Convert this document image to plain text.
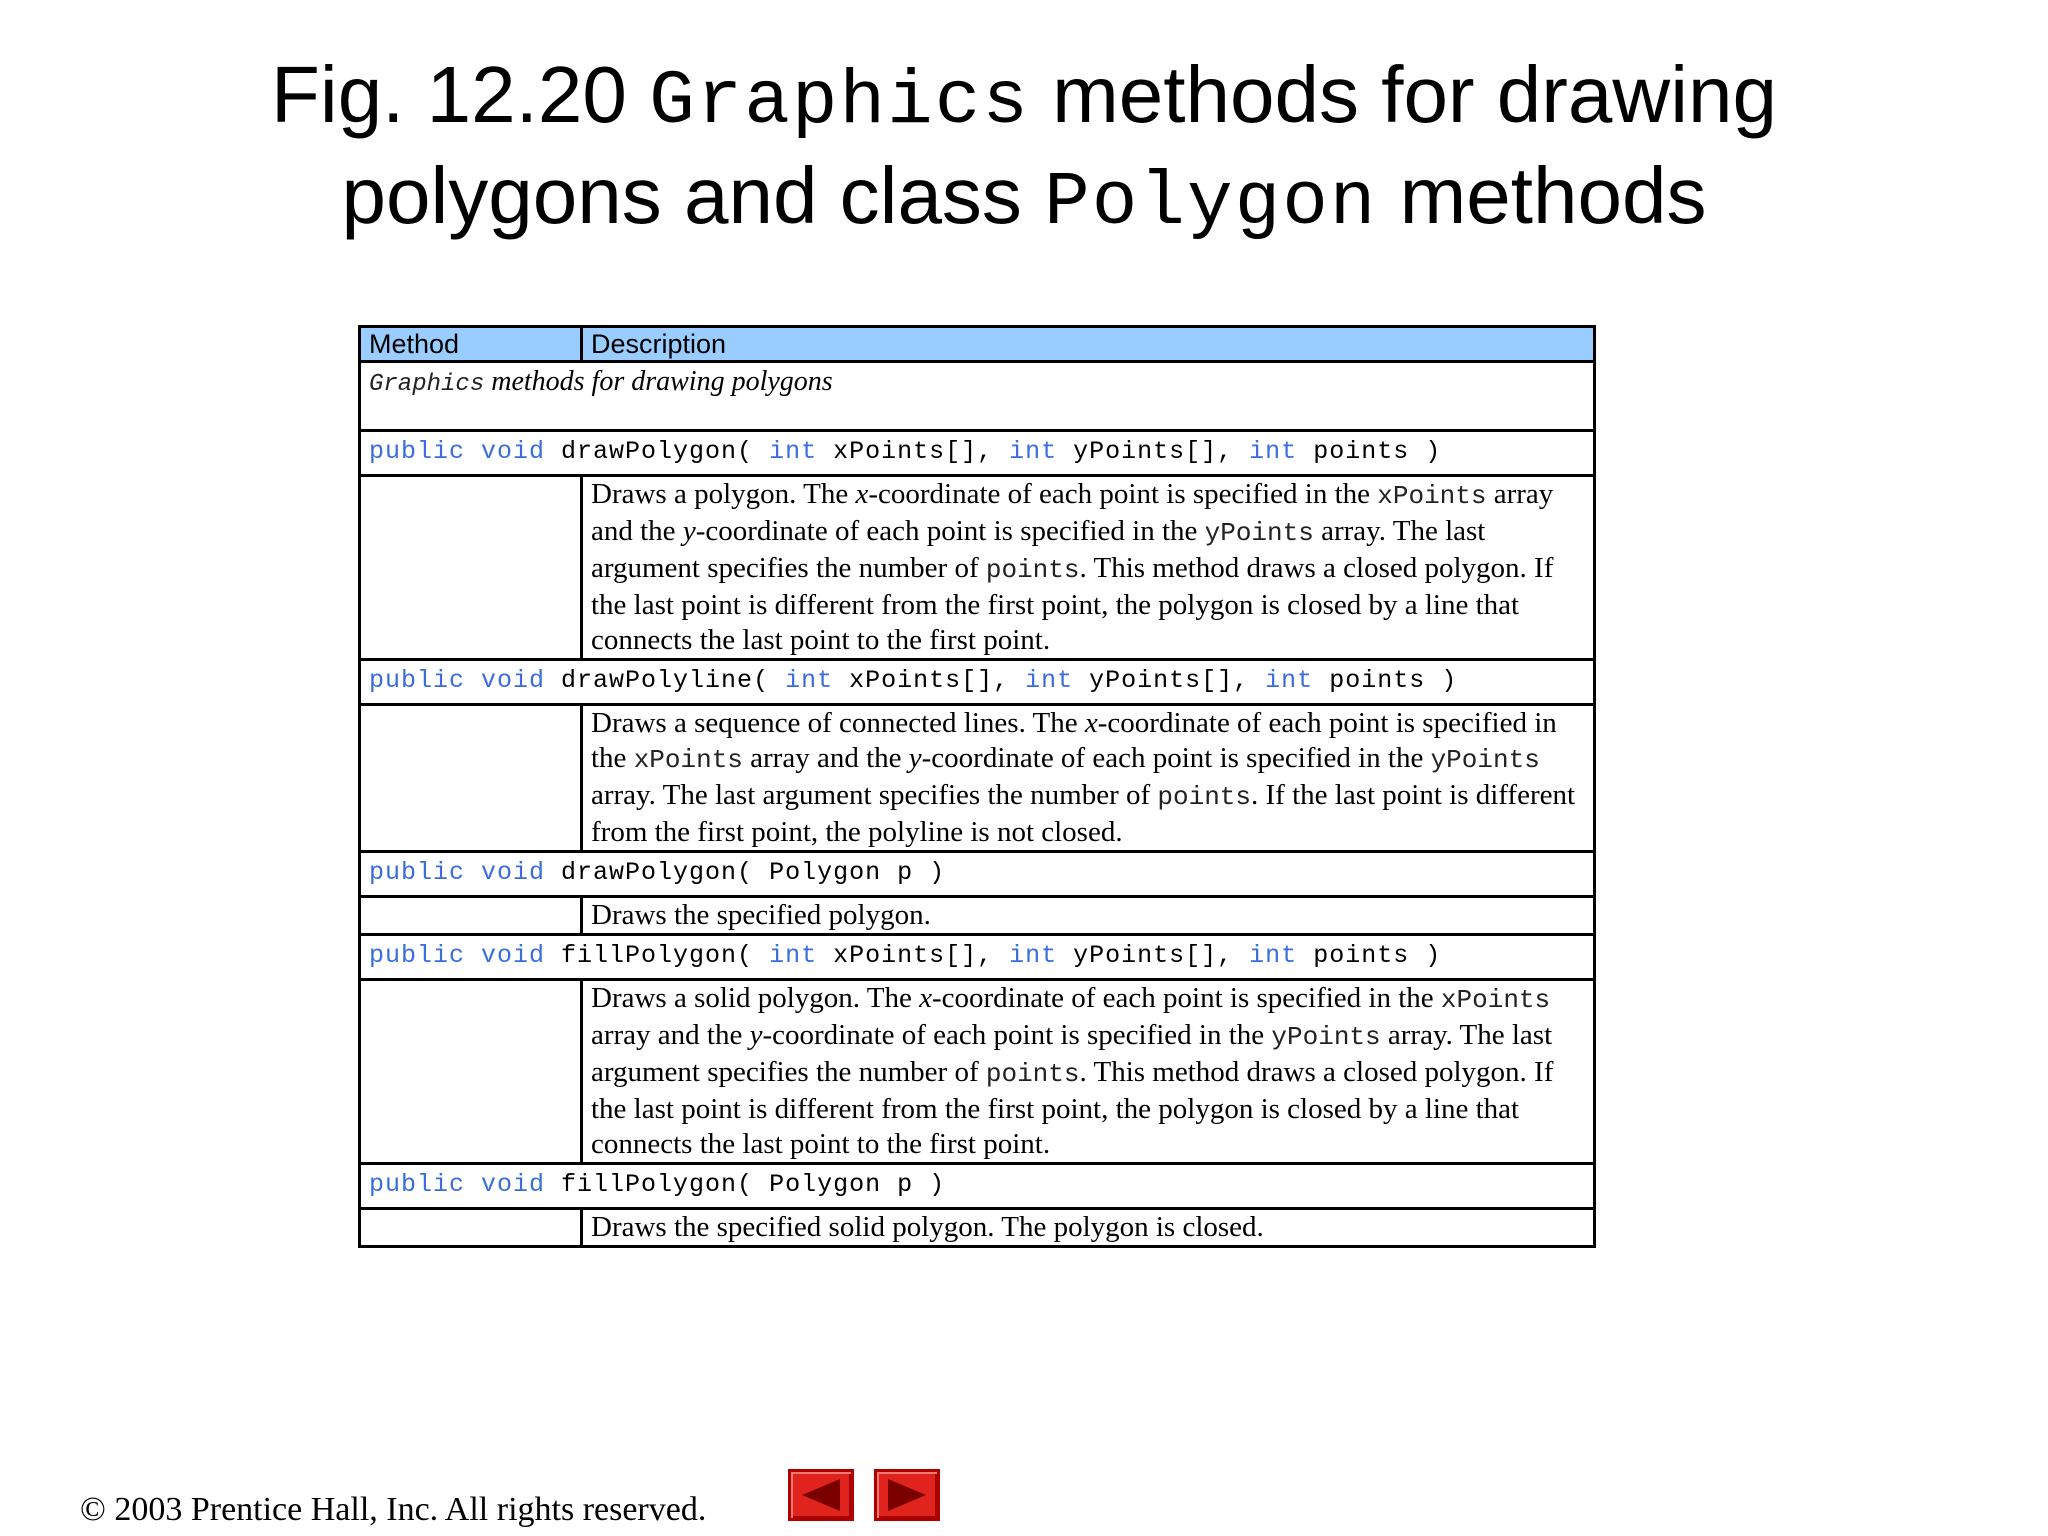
Fig. 12.20 Graphics methods for drawing
polygons and class Polygon methods
Method	Description
Graphics methods for drawing polygons	
public void drawPolygon( int xPoints[], int yPoints[], int points )	
	Draws a polygon. The x-coordinate of each point is specified in the xPoints array and the y-coordinate of each point is specified in the yPoints array. The last argument specifies the number of points. This method draws a closed polygon. If the last point is different from the first point, the polygon is closed by a line that connects the last point to the first point.
public void drawPolyline( int xPoints[], int yPoints[], int points )	
	Draws a sequence of connected lines. The x-coordinate of each point is specified in the xPoints array and the y-coordinate of each point is specified in the yPoints array. The last argument specifies the number of points. If the last point is different from the first point, the polyline is not closed.
public void drawPolygon( Polygon p )	
	Draws the specified polygon.
public void fillPolygon( int xPoints[], int yPoints[], int points )	
	Draws a solid polygon. The x-coordinate of each point is specified in the xPoints array and the y-coordinate of each point is specified in the yPoints array. The last argument specifies the number of points. This method draws a closed polygon. If the last point is different from the first point, the polygon is closed by a line that connects the last point to the first point.
public void fillPolygon( Polygon p )	
	Draws the specified solid polygon. The polygon is closed.
© 2003 Prentice Hall, Inc. All rights reserved.
